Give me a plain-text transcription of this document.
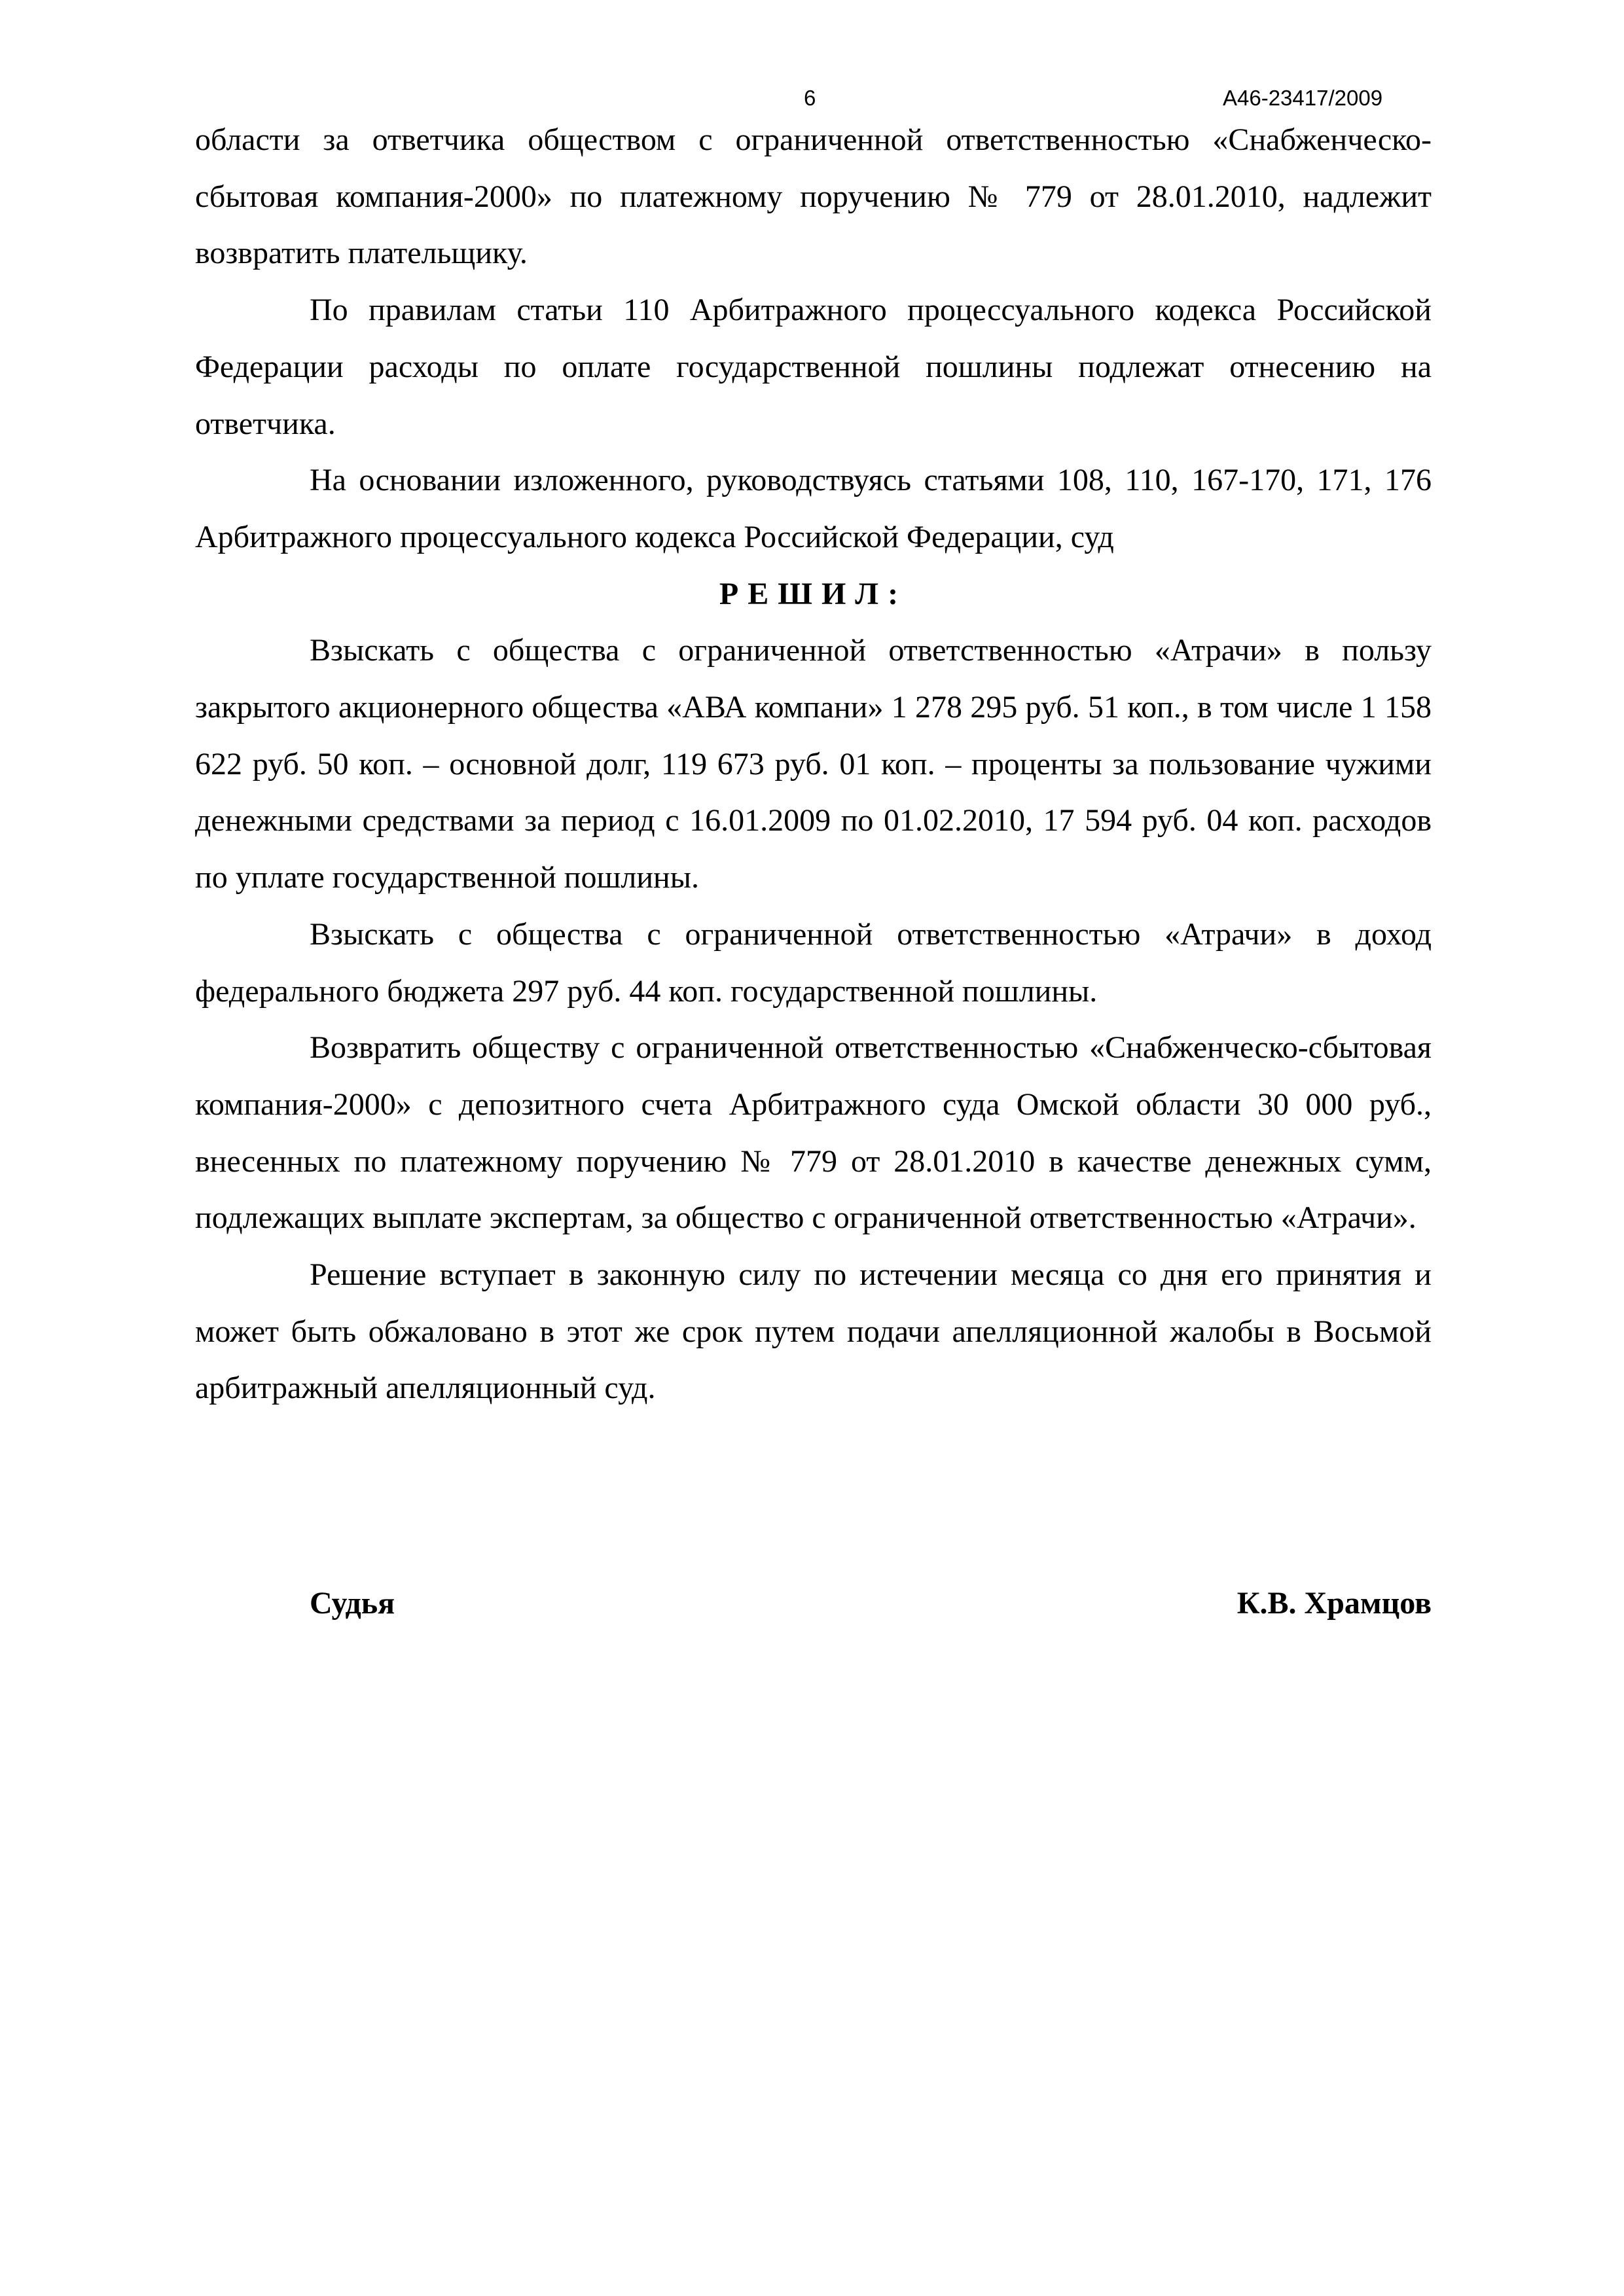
6	А46-23417/2009

области за ответчика обществом с ограниченной ответственностью «Снабженческо-сбытовая компания-2000» по платежному поручению № 779 от 28.01.2010, надлежит возвратить плательщику.

По правилам статьи 110 Арбитражного процессуального кодекса Российской Федерации расходы по оплате государственной пошлины подлежат отнесению на ответчика.

На основании изложенного, руководствуясь статьями 108, 110, 167-170, 171, 176 Арбитражного процессуального кодекса Российской Федерации, суд

РЕШИЛ:

Взыскать с общества с ограниченной ответственностью «Атрачи» в пользу закрытого акционерного общества «АВА компани» 1 278 295 руб. 51 коп., в том числе 1 158 622 руб. 50 коп. – основной долг, 119 673 руб. 01 коп. – проценты за пользование чужими денежными средствами за период с 16.01.2009 по 01.02.2010, 17 594 руб. 04 коп. расходов по уплате государственной пошлины.

Взыскать с общества с ограниченной ответственностью «Атрачи» в доход федерального бюджета 297 руб. 44 коп. государственной пошлины.

Возвратить обществу с ограниченной ответственностью «Снабженческо-сбытовая компания-2000» с депозитного счета Арбитражного суда Омской области 30 000 руб., внесенных по платежному поручению № 779 от 28.01.2010 в качестве денежных сумм, подлежащих выплате экспертам, за общество с ограниченной ответственностью «Атрачи».

Решение вступает в законную силу по истечении месяца со дня его принятия и может быть обжаловано в этот же срок путем подачи апелляционной жалобы в Восьмой арбитражный апелляционный суд.

Судья	К.В. Храмцов
